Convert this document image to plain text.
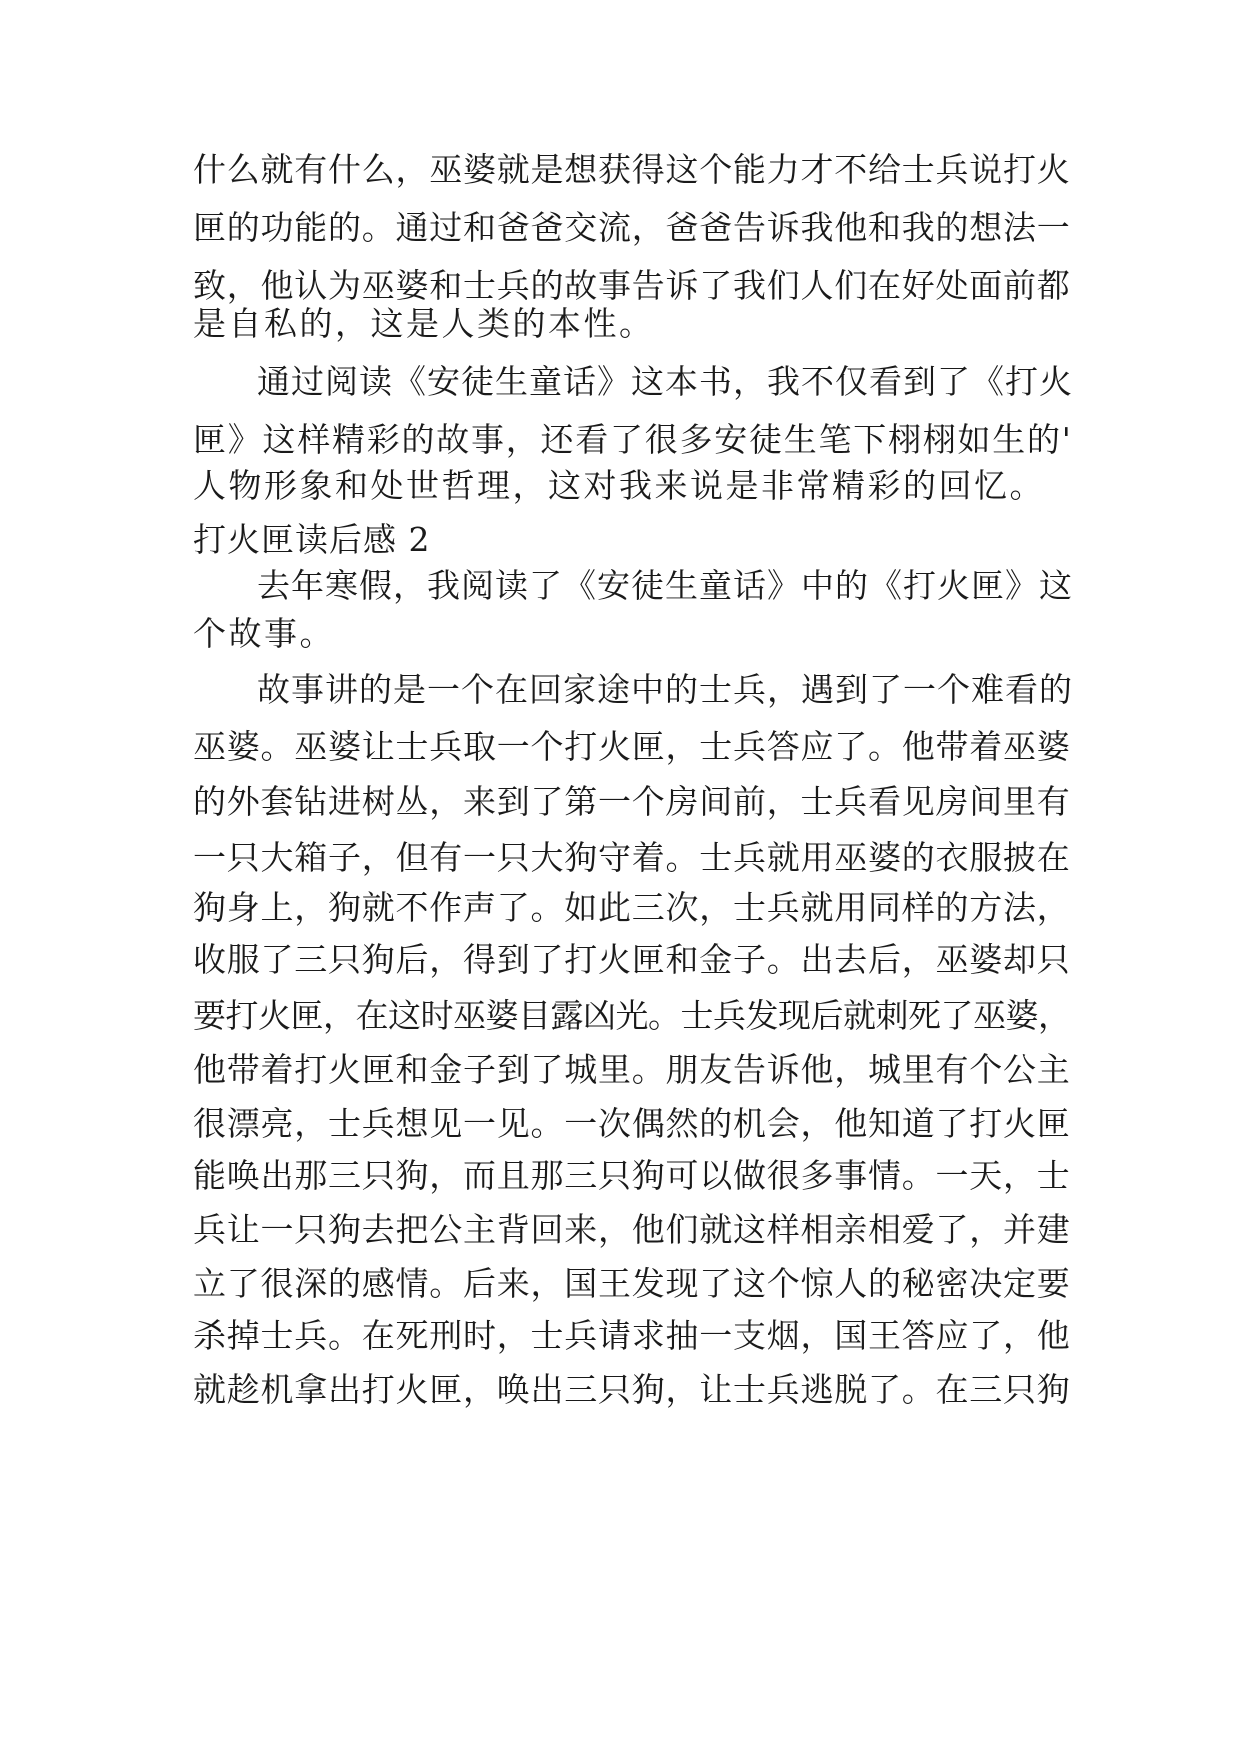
什么就有什么，巫婆就是想获得这个能力才不给士兵说打火
匣的功能的。通过和爸爸交流，爸爸告诉我他和我的想法一
致，他认为巫婆和士兵的故事告诉了我们人们在好处面前都
是自私的，这是人类的本性。
通过阅读《安徒生童话》这本书，我不仅看到了《打火
匣》这样精彩的故事，还看了很多安徒生笔下栩栩如生的'
人物形象和处世哲理，这对我来说是非常精彩的回忆。
打火匣读后感 2
去年寒假，我阅读了《安徒生童话》中的《打火匣》这
个故事。
故事讲的是一个在回家途中的士兵，遇到了一个难看的
巫婆。巫婆让士兵取一个打火匣，士兵答应了。他带着巫婆
的外套钻进树丛，来到了第一个房间前，士兵看见房间里有
一只大箱子，但有一只大狗守着。士兵就用巫婆的衣服披在
狗身上，狗就不作声了。如此三次，士兵就用同样的方法，
收服了三只狗后，得到了打火匣和金子。出去后，巫婆却只
要打火匣，在这时巫婆目露凶光。士兵发现后就刺死了巫婆，
他带着打火匣和金子到了城里。朋友告诉他，城里有个公主
很漂亮，士兵想见一见。一次偶然的机会，他知道了打火匣
能唤出那三只狗，而且那三只狗可以做很多事情。一天，士
兵让一只狗去把公主背回来，他们就这样相亲相爱了，并建
立了很深的感情。后来，国王发现了这个惊人的秘密决定要
杀掉士兵。在死刑时，士兵请求抽一支烟，国王答应了，他
就趁机拿出打火匣，唤出三只狗，让士兵逃脱了。在三只狗
